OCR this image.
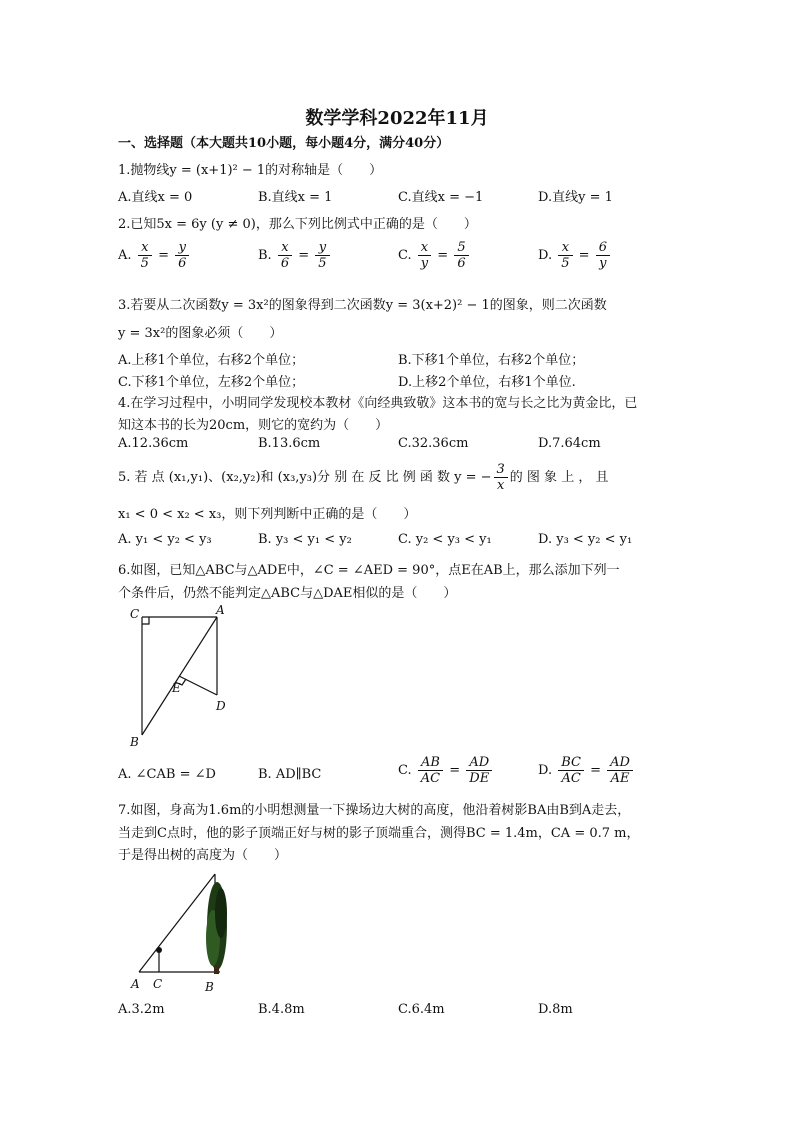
数学学科2022年11月
一、选择题（本大题共10小题，每小题4分，满分40分）
1.抛物线y = (x+1)² − 1的对称轴是（　　）
A.直线x = 0	B.直线x = 1	C.直线x = −1	D.直线y = 1
2.已知5x = 6y (y ≠ 0)，那么下列比例式中正确的是（　　）
A. $\frac{x}{5} = \frac{y}{6}$	B. $\frac{x}{6} = \frac{y}{5}$	C. $\frac{x}{y} = \frac{5}{6}$	D. $\frac{x}{5} = \frac{6}{y}$
3.若要从二次函数y = 3x²的图象得到二次函数y = 3(x+2)² − 1的图象，则二次函数
y = 3x²的图象必须（　　）
A.上移1个单位，右移2个单位；	B.下移1个单位，右移2个单位；
C.下移1个单位，左移2个单位；	D.上移2个单位，右移1个单位.
4.在学习过程中，小明同学发现校本教材《向经典致敬》这本书的宽与长之比为黄金比，已
知这本书的长为20cm，则它的宽约为（　　）
A.12.36cm	B.13.6cm	C.32.36cm	D.7.64cm
5. 若 点 (x₁,y₁)、(x₂,y₂)和 (x₃,y₃)分 别 在 反 比 例 函 数 y = − $\frac{3}{x}$ 的 图 象 上 ， 且
x₁ < 0 < x₂ < x₃，则下列判断中正确的是（　　）
A. y₁ < y₂ < y₃	B. y₃ < y₁ < y₂	C. y₂ < y₃ < y₁	D. y₃ < y₂ < y₁
6.如图，已知△ABC与△ADE中，∠C = ∠AED = 90°，点E在AB上，那么添加下列一
个条件后，仍然不能判定△ABC与△DAE相似的是（　　）
C	A
E
D
B
A. ∠CAB = ∠D	B. AD∥BC	C. $\frac{AB}{AC} = \frac{AD}{DE}$	D. $\frac{BC}{AC} = \frac{AD}{AE}$
7.如图，身高为1.6m的小明想测量一下操场边大树的高度，他沿着树影BA由B到A走去，
当走到C点时，他的影子顶端正好与树的影子顶端重合，测得BC = 1.4m，CA = 0.7 m，
于是得出树的高度为（　　）
A C	B
A.3.2m	B.4.8m	C.6.4m	D.8m
